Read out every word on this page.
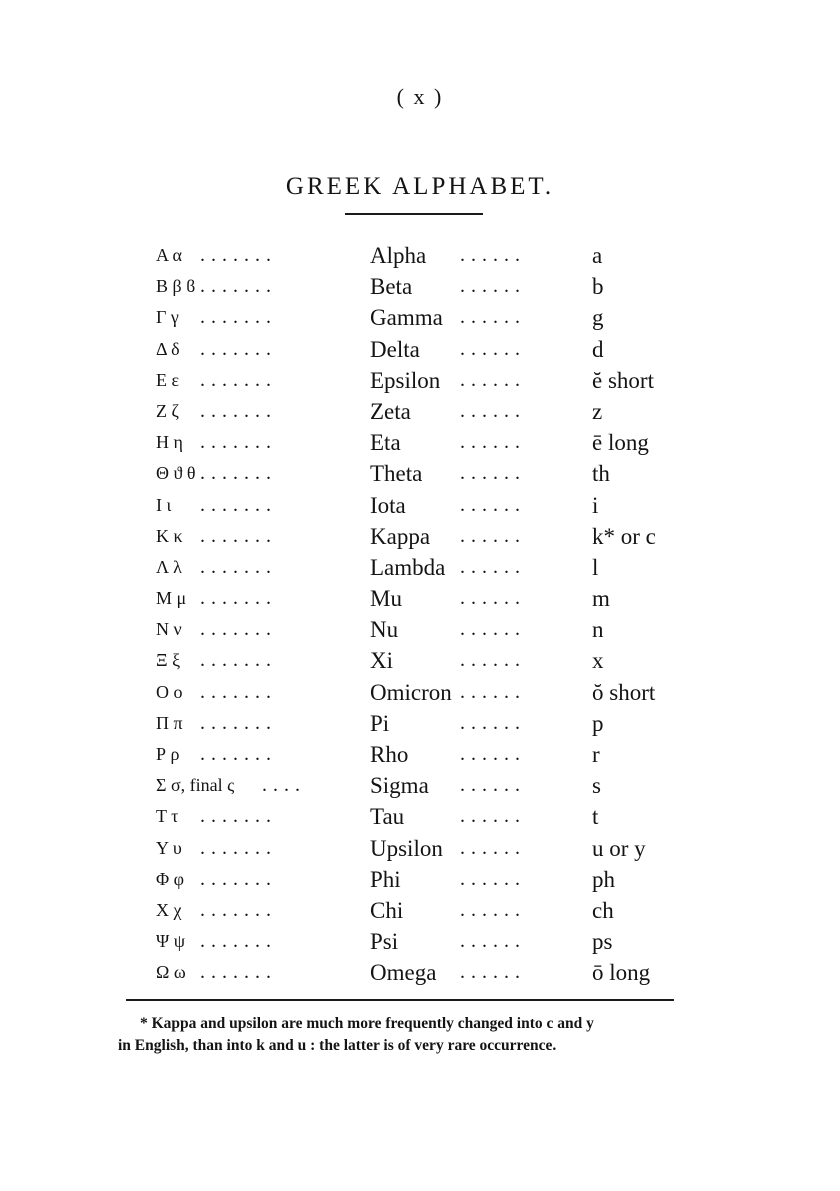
( x )
GREEK ALPHABET.
Α α .......	Alpha ......	a
Β β ϐ .......	Beta ......	b
Γ γ .......	Gamma ......	g
Δ δ .......	Delta ......	d
Ε ε .......	Epsilon ......	ĕ short
Ζ ζ .......	Zeta ......	z
Η η .......	Eta	......	ē long
Θ ϑ θ .......	Theta ......	th
Ι ι .......	Iota	......	i
Κ κ .......	Kappa ......	k* or c
Λ λ .......	Lambda ......	l
Μ μ .......	Mu	......	m
Ν ν .......	Nu	......	n
Ξ ξ .......	Xi	......	x
Ο ο .......	Omicron ......	ŏ short
Π π .......	Pi	......	p
Ρ ρ .......	Rho	......	r
Σ σ, final ς ....	Sigma ......	s
Τ τ .......	Tau	......	t
Υ υ .......	Upsilon ......	u or y
Φ φ .......	Phi	......	ph
Χ χ .......	Chi	......	ch
Ψ ψ .......	Psi	......	ps
Ω ω .......	Omega ......	ō long

* Kappa and upsilon are much more frequently changed into c and y

in English, than into k and u : the latter is of very rare occurrence.
